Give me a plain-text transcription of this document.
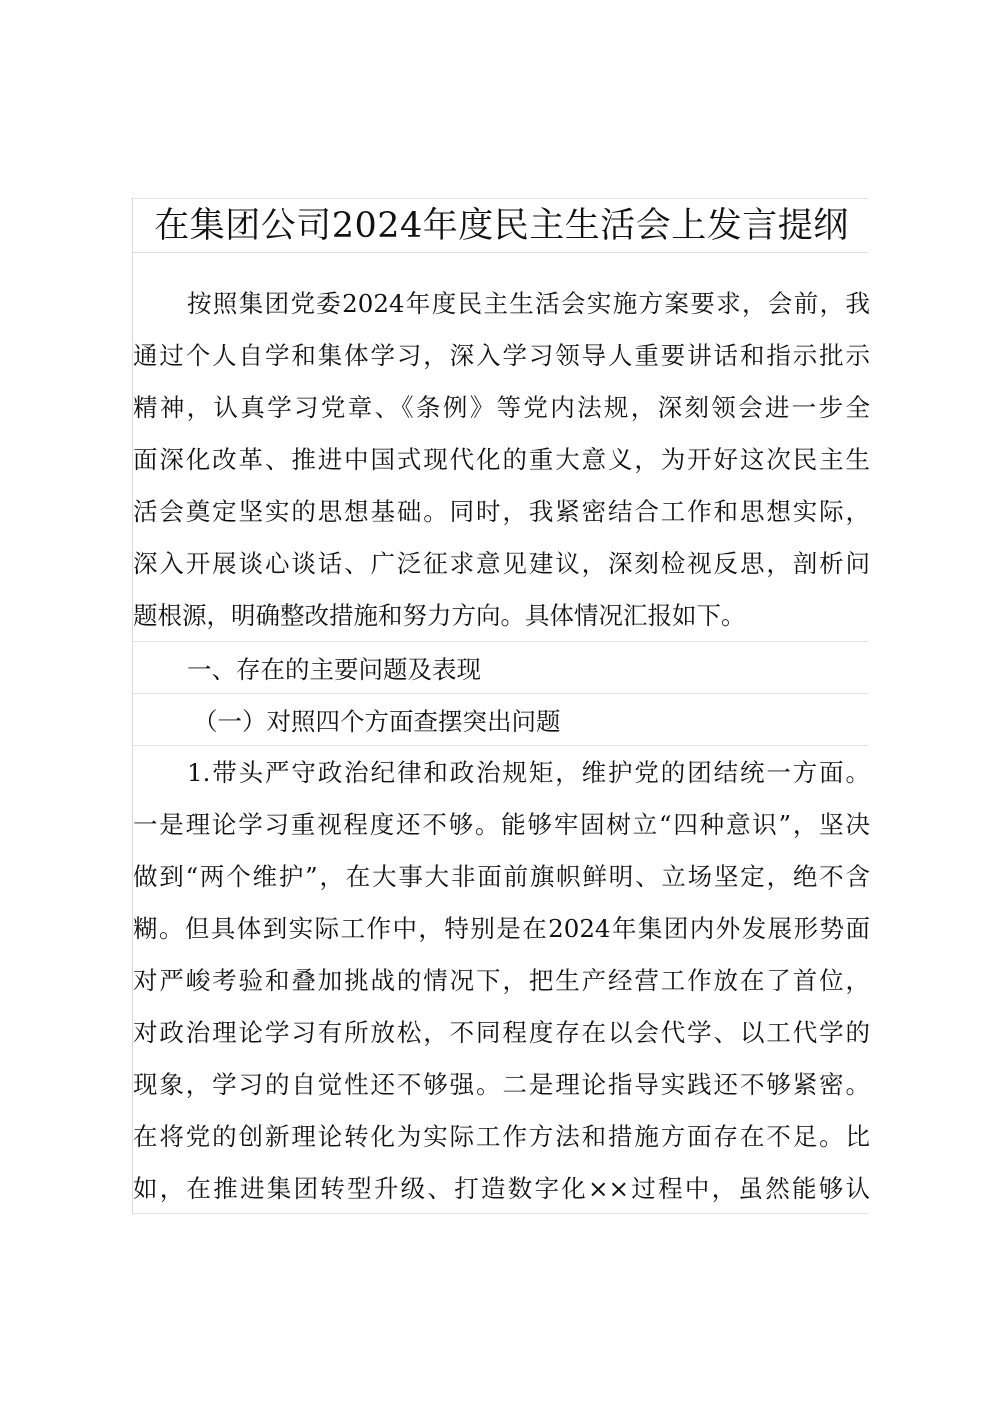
在集团公司2024年度民主生活会上发言提纲
按照集团党委2024年度民主生活会实施方案要求，会前，我
通过个人自学和集体学习，深入学习领导人重要讲话和指示批示
精神，认真学习党章、《条例》等党内法规，深刻领会进一步全
面深化改革、推进中国式现代化的重大意义，为开好这次民主生
活会奠定坚实的思想基础。同时，我紧密结合工作和思想实际，
深入开展谈心谈话、广泛征求意见建议，深刻检视反思，剖析问
题根源，明确整改措施和努力方向。具体情况汇报如下。
一、存在的主要问题及表现
（一）对照四个方面查摆突出问题
1.带头严守政治纪律和政治规矩，维护党的团结统一方面。
一是理论学习重视程度还不够。能够牢固树立“四种意识”，坚决
做到“两个维护”，在大事大非面前旗帜鲜明、立场坚定，绝不含
糊。但具体到实际工作中，特别是在2024年集团内外发展形势面
对严峻考验和叠加挑战的情况下，把生产经营工作放在了首位，
对政治理论学习有所放松，不同程度存在以会代学、以工代学的
现象，学习的自觉性还不够强。二是理论指导实践还不够紧密。
在将党的创新理论转化为实际工作方法和措施方面存在不足。比
如，在推进集团转型升级、打造数字化××过程中，虽然能够认
